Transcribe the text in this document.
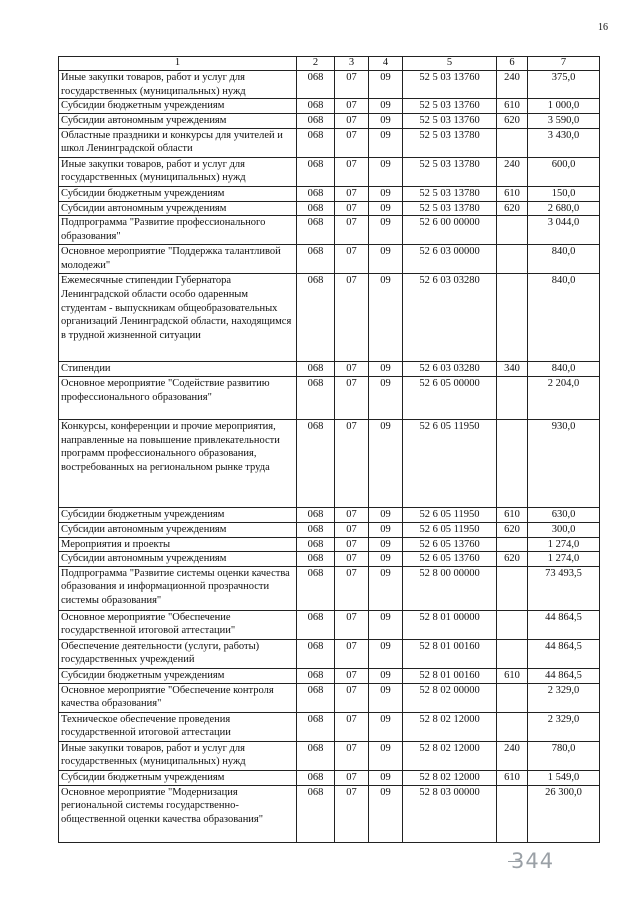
16
1	2	3	4	5	6	7
Иные закупки товаров, работ и услуг для государственных (муниципальных) нужд	068	07	09	52 5 03 13760	240	375,0
Субсидии бюджетным учреждениям	068	07	09	52 5 03 13760	610	1 000,0
Субсидии автономным учреждениям	068	07	09	52 5 03 13760	620	3 590,0
Областные праздники и конкурсы для учителей и школ Ленинградской области	068	07	09	52 5 03 13780		3 430,0
Иные закупки товаров, работ и услуг для государственных (муниципальных) нужд	068	07	09	52 5 03 13780	240	600,0
Субсидии бюджетным учреждениям	068	07	09	52 5 03 13780	610	150,0
Субсидии автономным учреждениям	068	07	09	52 5 03 13780	620	2 680,0
Подпрограмма "Развитие профессионального образования"	068	07	09	52 6 00 00000		3 044,0
Основное мероприятие "Поддержка талантливой молодежи"	068	07	09	52 6 03 00000		840,0
Ежемесячные стипендии Губернатора Ленинградской области особо одаренным студентам - выпускникам общеобразовательных организаций Ленинградской области, находящимся в трудной жизненной ситуации	068	07	09	52 6 03 03280		840,0
Стипендии	068	07	09	52 6 03 03280	340	840,0
Основное мероприятие "Содействие развитию профессионального образования"	068	07	09	52 6 05 00000		2 204,0
Конкурсы, конференции и прочие мероприятия, направленные на повышение привлекательности программ профессионального образования, востребованных на региональном рынке труда	068	07	09	52 6 05 11950		930,0
Субсидии бюджетным учреждениям	068	07	09	52 6 05 11950	610	630,0
Субсидии автономным учреждениям	068	07	09	52 6 05 11950	620	300,0
Мероприятия и проекты	068	07	09	52 6 05 13760		1 274,0
Субсидии автономным учреждениям	068	07	09	52 6 05 13760	620	1 274,0
Подпрограмма "Развитие системы оценки качества образования и информационной прозрачности системы образования"	068	07	09	52 8 00 00000		73 493,5
Основное мероприятие "Обеспечение государственной итоговой аттестации"	068	07	09	52 8 01 00000		44 864,5
Обеспечение деятельности (услуги, работы) государственных учреждений	068	07	09	52 8 01 00160		44 864,5
Субсидии бюджетным учреждениям	068	07	09	52 8 01 00160	610	44 864,5
Основное мероприятие "Обеспечение контроля качества образования"	068	07	09	52 8 02 00000		2 329,0
Техническое обеспечение проведения государственной итоговой аттестации	068	07	09	52 8 02 12000		2 329,0
Иные закупки товаров, работ и услуг для государственных (муниципальных) нужд	068	07	09	52 8 02 12000	240	780,0
Субсидии бюджетным учреждениям	068	07	09	52 8 02 12000	610	1 549,0
Основное мероприятие "Модернизация региональной системы государственно-общественной оценки качества образования"	068	07	09	52 8 03 00000		26 300,0
344
